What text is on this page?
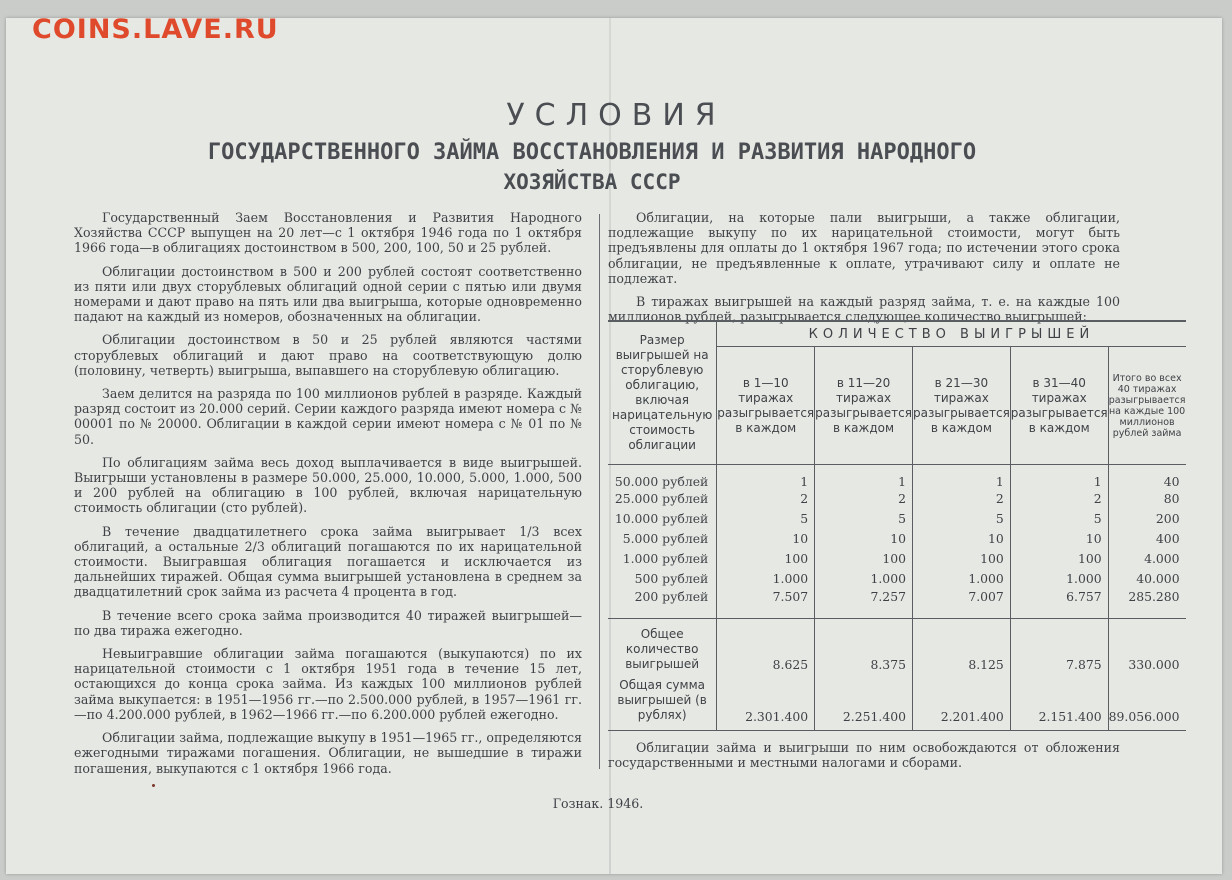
COINS.LAVE.RU
УСЛОВИЯ
ГОСУДАРСТВЕННОГО ЗАЙМА ВОССТАНОВЛЕНИЯ И РАЗВИТИЯ НАРОДНОГО
ХОЗЯЙСТВА СССР

Государственный Заем Восстановления и Развития Народного Хозяйства СССР выпущен на 20 лет—с 1 октября 1946 года по 1 октября 1966 года—в облигациях достоинством в 500, 200, 100, 50 и 25 рублей.

Облигации достоинством в 500 и 200 рублей состоят соответственно из пяти или двух сторублевых облигаций одной серии с пятью или двумя номерами и дают право на пять или два выигрыша, которые одновременно падают на каждый из номеров, обозначенных на облигации.

Облигации достоинством в 50 и 25 рублей являются частями сторублевых облигаций и дают право на соответствующую долю (половину, четверть) выигрыша, выпавшего на сторублевую облигацию.

Заем делится на разряда по 100 миллионов рублей в разряде. Каждый разряд состоит из 20.000 серий. Серии каждого разряда имеют номера с № 00001 по № 20000. Облигации в каждой серии имеют номера с № 01 по № 50.

По облигациям займа весь доход выплачивается в виде выигрышей. Выигрыши установлены в размере 50.000, 25.000, 10.000, 5.000, 1.000, 500 и 200 рублей на облигацию в 100 рублей, включая нарицательную стоимость облигации (сто рублей).

В течение двадцатилетнего срока займа выигрывает 1/3 всех облигаций, а остальные 2/3 облигаций погашаются по их нарицательной стоимости. Выигравшая облигация погашается и исключается из дальнейших тиражей. Общая сумма выигрышей установлена в среднем за двадцатилетний срок займа из расчета 4 процента в год.

В течение всего срока займа производится 40 тиражей выигрышей—по два тиража ежегодно.

Невыигравшие облигации займа погашаются (выкупаются) по их нарицательной стоимости с 1 октября 1951 года в течение 15 лет, остающихся до конца срока займа. Из каждых 100 миллионов рублей займа выкупается: в 1951—1956 гг.—по 2.500.000 рублей, в 1957—1961 гг.—по 4.200.000 рублей, в 1962—1966 гг.—по 6.200.000 рублей ежегодно.

Облигации займа, подлежащие выкупу в 1951—1965 гг., определяются ежегодными тиражами погашения. Облигации, не вышедшие в тиражи погашения, выкупаются с 1 октября 1966 года.

Облигации, на которые пали выигрыши, а также облигации, подлежащие выкупу по их нарицательной стоимости, могут быть предъявлены для оплаты до 1 октября 1967 года; по истечении этого срока облигации, не предъявленные к оплате, утрачивают силу и оплате не подлежат.

В тиражах выигрышей на каждый разряд займа, т. е. на каждые 100 миллионов рублей, разыгрывается следующее количество выигрышей:

Размер выигрышей на сторублевую облигацию, включая нарицательную стоимость облигации	КОЛИЧЕСТВО ВЫИГРЫШЕЙ				
	в 1—10 тиражах разыгрывается в каждом	в 11—20 тиражах разыгрывается в каждом	в 21—30 тиражах разыгрывается в каждом	в 31—40 тиражах разыгрывается в каждом	Итого во всех 40 тиражах разыгрывается на каждые 100 миллионов рублей займа
50.000 рублей	1	1	1	1	40
25.000 рублей	2	2	2	2	80
10.000 рублей	5	5	5	5	200
5.000 рублей	10	10	10	10	400
1.000 рублей	100	100	100	100	4.000
500 рублей	1.000	1.000	1.000	1.000	40.000
200 рублей	7.507	7.257	7.007	6.757	285.280
Общее количество выигрышей	8.625	8.375	8.125	7.875	330.000
Общая сумма выигрышей (в рублях)	2.301.400	2.251.400	2.201.400	2.151.400	89.056.000
Облигации займа и выигрыши по ним освобождаются от обложения государственными и местными налогами и сборами.
Гознак. 1946.
